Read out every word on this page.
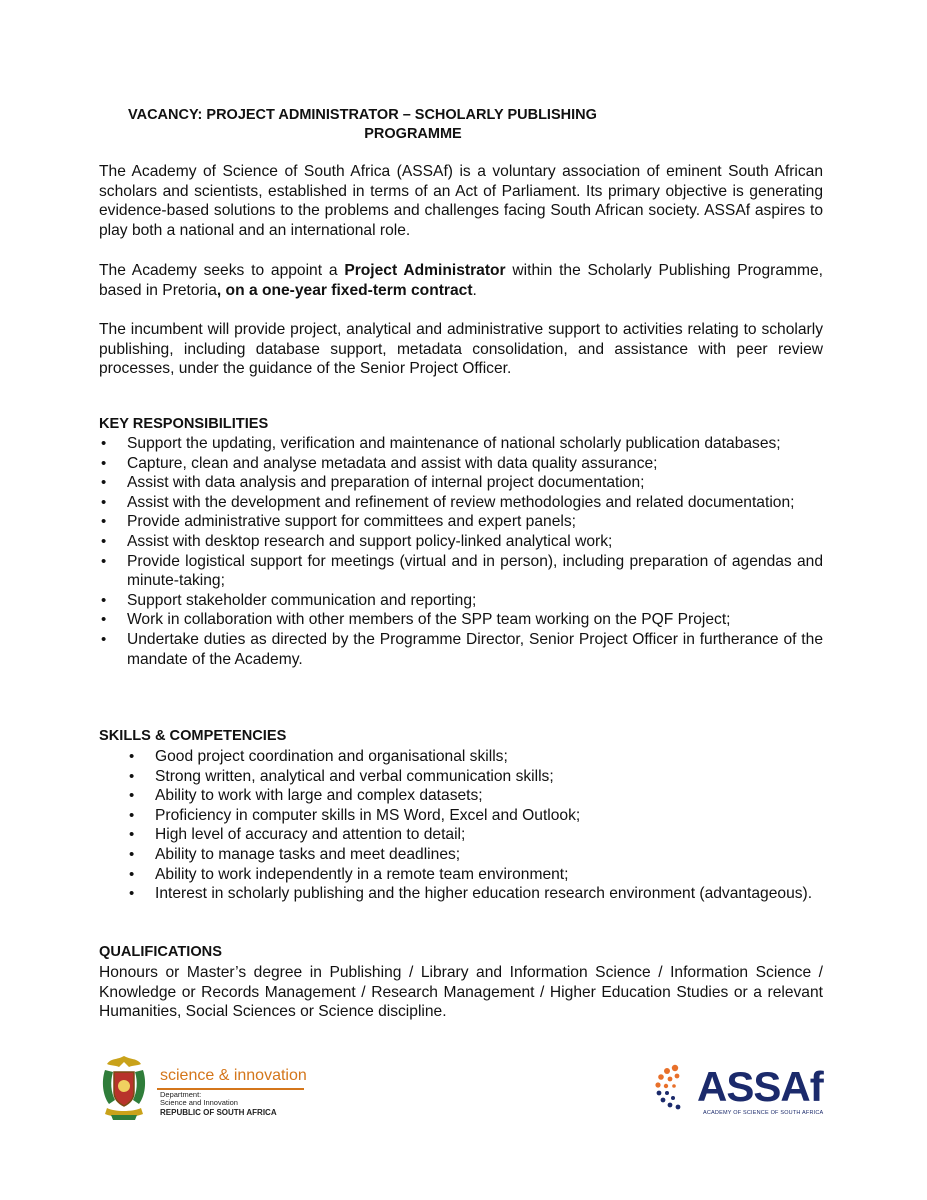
VACANCY: PROJECT ADMINISTRATOR – SCHOLARLY PUBLISHING
PROGRAMME

The Academy of Science of South Africa (ASSAf) is a voluntary association of eminent South African scholars and scientists, established in terms of an Act of Parliament. Its primary objective is generating evidence-based solutions to the problems and challenges facing South African society. ASSAf aspires to play both a national and an international role.

The Academy seeks to appoint a Project Administrator within the Scholarly Publishing Programme, based in Pretoria, on a one-year fixed-term contract.

The incumbent will provide project, analytical and administrative support to activities relating to scholarly publishing, including database support, metadata consolidation, and assistance with peer review processes, under the guidance of the Senior Project Officer.

KEY RESPONSIBILITIES
• Support the updating, verification and maintenance of national scholarly publication databases;
• Capture, clean and analyse metadata and assist with data quality assurance;
• Assist with data analysis and preparation of internal project documentation;
• Assist with the development and refinement of review methodologies and related documentation;
• Provide administrative support for committees and expert panels;
• Assist with desktop research and support policy-linked analytical work;
• Provide logistical support for meetings (virtual and in person), including preparation of agendas and minute-taking;
• Support stakeholder communication and reporting;
• Work in collaboration with other members of the SPP team working on the PQF Project;
• Undertake duties as directed by the Programme Director, Senior Project Officer in furtherance of the mandate of the Academy.
SKILLS & COMPETENCIES
• Good project coordination and organisational skills;
• Strong written, analytical and verbal communication skills;
• Ability to work with large and complex datasets;
• Proficiency in computer skills in MS Word, Excel and Outlook;
• High level of accuracy and attention to detail;
• Ability to manage tasks and meet deadlines;
• Ability to work independently in a remote team environment;
• Interest in scholarly publishing and the higher education research environment (advantageous).
QUALIFICATIONS

Honours or Master’s degree in Publishing / Library and Information Science / Information Science / Knowledge or Records Management / Research Management / Higher Education Studies or a relevant Humanities, Social Sciences or Science discipline.

science & innovation
Department:
Science and Innovation
REPUBLIC OF SOUTH AFRICA
ASSAf
ACADEMY OF SCIENCE OF SOUTH AFRICA
